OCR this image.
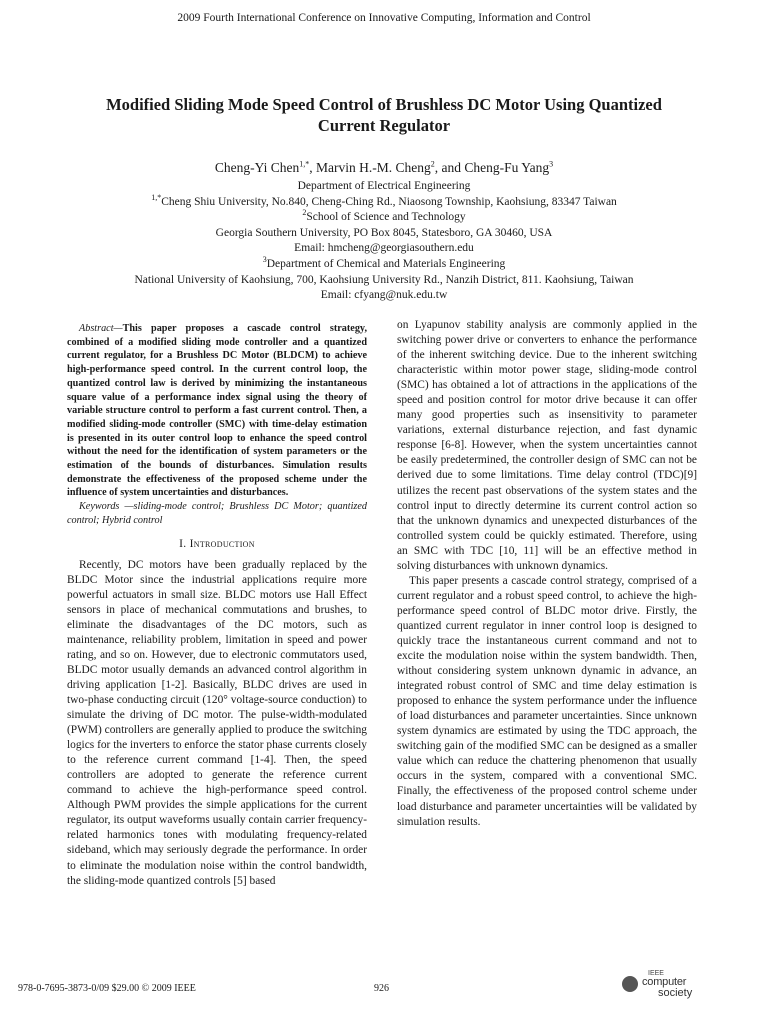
2009 Fourth International Conference on Innovative Computing, Information and Control
Modified Sliding Mode Speed Control of Brushless DC Motor Using Quantized
Current Regulator
Cheng-Yi Chen$^{1,*}$, Marvin H.-M. Cheng$^2$, and Cheng-Fu Yang$^3$
Department of Electrical Engineering
$^{1,*}$Cheng Shiu University, No.840, Cheng-Ching Rd., Niaosong Township, Kaohsiung, 83347 Taiwan
$^2$School of Science and Technology
Georgia Southern University, PO Box 8045, Statesboro, GA 30460, USA
Email: hmcheng@georgiasouthern.edu
$^3$Department of Chemical and Materials Engineering
National University of Kaohsiung, 700, Kaohsiung University Rd., Nanzih District, 811. Kaohsiung, Taiwan
Email: cfyang@nuk.edu.tw

Abstract—This paper proposes a cascade control strategy, combined of a modified sliding mode controller and a quantized current regulator, for a Brushless DC Motor (BLDCM) to achieve high-performance speed control. In the current control loop, the quantized control law is derived by minimizing the instantaneous square value of a performance index signal using the theory of variable structure control to perform a fast current control. Then, a modified sliding-mode controller (SMC) with time-delay estimation is presented in its outer control loop to enhance the speed control without the need for the identification of system parameters or the estimation of the bounds of disturbances. Simulation results demonstrate the effectiveness of the proposed scheme under the influence of system uncertainties and disturbances.

Keywords —sliding-mode control; Brushless DC Motor; quantized control; Hybrid control

I. Introduction

Recently, DC motors have been gradually replaced by the BLDC Motor since the industrial applications require more powerful actuators in small size. BLDC motors use Hall Effect sensors in place of mechanical commutations and brushes, to eliminate the disadvantages of the DC motors, such as maintenance, reliability problem, limitation in speed and power rating, and so on. However, due to electronic commutators used, BLDC motor usually demands an advanced control algorithm in driving application [1-2]. Basically, BLDC drives are used in two-phase conducting circuit (120° voltage-source conduction) to simulate the driving of DC motor. The pulse-width-modulated (PWM) controllers are generally applied to produce the switching logics for the inverters to enforce the stator phase currents closely to the reference current command [1-4]. Then, the speed controllers are adopted to generate the reference current command to achieve the high-performance speed control. Although PWM provides the simple applications for the current regulator, its output waveforms usually contain carrier frequency-related harmonics tones with modulating frequency-related sideband, which may seriously degrade the performance. In order to eliminate the modulation noise within the control bandwidth, the sliding-mode quantized controls [5] based

on Lyapunov stability analysis are commonly applied in the switching power drive or converters to enhance the performance of the inherent switching device. Due to the inherent switching characteristic within motor power stage, sliding-mode control (SMC) has obtained a lot of attractions in the applications of the speed and position control for motor drive because it can offer many good properties such as insensitivity to parameter variations, external disturbance rejection, and fast dynamic response [6-8]. However, when the system uncertainties cannot be easily predetermined, the controller design of SMC can not be derived due to some limitations. Time delay control (TDC)[9] utilizes the recent past observations of the system states and the control input to directly determine its current control action so that the unknown dynamics and unexpected disturbances of the controlled system could be quickly estimated. Therefore, using an SMC with TDC [10, 11] will be an effective method in solving disturbances with unknown dynamics.

This paper presents a cascade control strategy, comprised of a current regulator and a robust speed control, to achieve the high-performance speed control of BLDC motor drive. Firstly, the quantized current regulator in inner control loop is designed to quickly trace the instantaneous current command and not to excite the modulation noise within the system bandwidth. Then, without considering system unknown dynamic in advance, an integrated robust control of SMC and time delay estimation is proposed to enhance the system performance under the influence of load disturbances and parameter uncertainties. Since unknown system dynamics are estimated by using the TDC approach, the switching gain of the modified SMC can be designed as a smaller value which can reduce the chattering phenomenon that usually occurs in the system, compared with a conventional SMC. Finally, the effectiveness of the proposed control scheme under load disturbance and parameter uncertainties will be validated by simulation results.

978-0-7695-3873-0/09 $29.00 © 2009 IEEE	926
IEEE
computer
society
